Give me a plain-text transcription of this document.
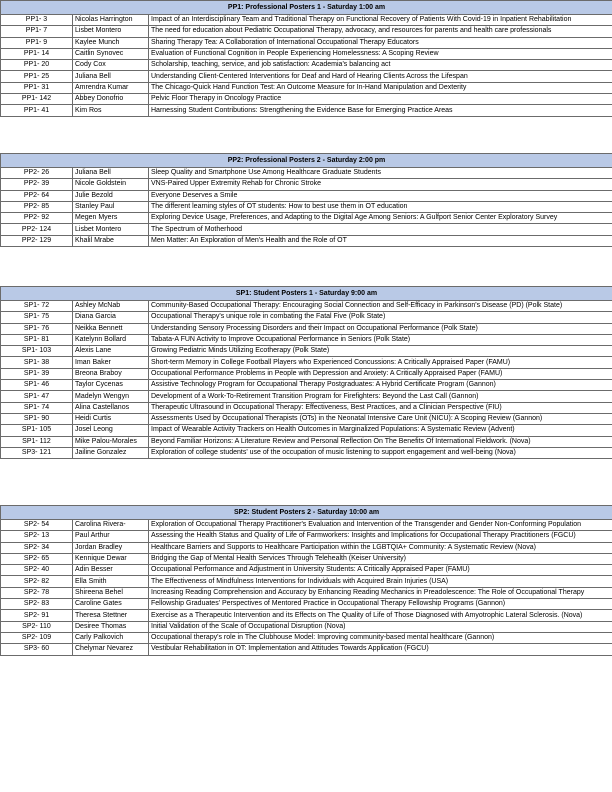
PP1: Professional Posters 1 - Saturday 1:00 am		
PP1- 3	Nicolas Harrington	Impact of an Interdisciplinary Team and Traditional Therapy on Functional Recovery of Patients With Covid-19 in Inpatient Rehabilitation
PP1- 7	Lisbet Montero	The need for education about Pediatric Occupational Therapy, advocacy, and resources for parents and health care professionals
PP1- 9	Kaylee Munch	Sharing Therapy Tea: A Collaboration of International Occupational Therapy Educators
PP1- 14	Caitlin Synovec	Evaluation of Functional Cognition in People Experiencing Homelessness: A Scoping Review
PP1- 20	Cody Cox	Scholarship, teaching, service, and job satisfaction: Academia's balancing act
PP1- 25	Juliana Bell	Understanding Client-Centered Interventions for Deaf and Hard of Hearing Clients Across the Lifespan
PP1- 31	Amrendra Kumar	The Chicago-Quick Hand Function Test: An Outcome Measure for In-Hand Manipulation and Dexterity
PP1- 142	Abbey Donofrio	Pelvic Floor Therapy in Oncology Practice
PP1- 41	Kim Ros	Harnessing Student Contributions: Strengthening the Evidence Base for Emerging Practice Areas
PP2: Professional Posters 2 - Saturday 2:00 pm		
PP2- 26	Juliana Bell	Sleep Quality and Smartphone Use Among Healthcare Graduate Students
PP2- 39	Nicole Goldstein	VNS-Paired Upper Extremity Rehab for Chronic Stroke
PP2- 64	Julie Bezold	Everyone Deserves a Smile
PP2- 85	Stanley Paul	The different learning styles of OT students: How to best use them in OT education
PP2- 92	Megen Myers	Exploring Device Usage, Preferences, and Adapting to the Digital Age Among Seniors: A Gulfport Senior Center Exploratory Survey
PP2- 124	Lisbet Montero	The Spectrum of Motherhood
PP2- 129	Khalil Mrabe	Men Matter: An Exploration of Men's Health and the Role of OT
SP1: Student Posters 1 - Saturday 9:00 am		
SP1- 72	Ashley McNab	Community-Based Occupational Therapy: Encouraging Social Connection and Self-Efficacy in Parkinson's Disease (PD) (Polk State)
SP1- 75	Diana Garcia	Occupational Therapy's unique role in combating the Fatal Five (Polk State)
SP1- 76	Neikka Bennett	Understanding Sensory Processing Disorders and their Impact on Occupational Performance (Polk State)
SP1- 81	Katelynn Bollard	Tabata-A FUN Activity to Improve Occupational Performance in Seniors (Polk State)
SP1- 103	Alexis Lane	Growing Pediatric Minds Utilizing Ecotherapy (Polk State)
SP1- 38	Iman Baker	Short-term Memory in College Football Players who Experienced Concussions: A Critically Appraised Paper (FAMU)
SP1- 39	Breona Braboy	Occupational Performance Problems in People with Depression and Anxiety: A Critically Appraised Paper (FAMU)
SP1- 46	Taylor Cycenas	Assistive Technology Program for Occupational Therapy Postgraduates: A Hybrid Certificate Program (Gannon)
SP1- 47	Madelyn Wengyn	Development of a Work-To-Retirement Transition Program for Firefighters: Beyond the Last Call (Gannon)
SP1- 74	Alina Castellanos	Therapeutic Ultrasound in Occupational Therapy: Effectiveness, Best Practices, and a Clinician Perspective (FIU)
SP1- 90	Heidi Curtis	Assessments Used by Occupational Therapists (OTs) in the Neonatal Intensive Care Unit (NICU): A Scoping Review (Gannon)
SP1- 105	Josel Leong	Impact of Wearable Activity Trackers on Health Outcomes in Marginalized Populations: A Systematic Review (Advent)
SP1- 112	Mike Palou-Morales	Beyond Familiar Horizons: A Literature Review and Personal Reflection On The Benefits Of International Fieldwork. (Nova)
SP3- 121	Jailine Gonzalez	Exploration of college students' use of the occupation of music listening to support engagement and well-being (Nova)
SP2: Student Posters 2 - Saturday 10:00 am		
SP2- 54	Carolina Rivera-	Exploration of Occupational Therapy Practitioner's Evaluation and Intervention of the Transgender and Gender Non-Conforming Population
SP2- 13	Paul Arthur	Assessing the Health Status and Quality of Life of Farmworkers: Insights and Implications for Occupational Therapy Practitioners (FGCU)
SP2- 34	Jordan Bradley	Healthcare Barriers and Supports to Healthcare Participation within the LGBTQIA+ Community: A Systematic Review (Nova)
SP2- 65	Kennique Dewar	Bridging the Gap of Mental Health Services Through Telehealth (Keiser University)
SP2- 40	Adin Besser	Occupational Performance and Adjustment in University Students: A Critically Appraised Paper (FAMU)
SP2- 82	Ella Smith	The Effectiveness of Mindfulness Interventions for Individuals with Acquired Brain Injuries (USA)
SP2- 78	Shireena Behel	Increasing Reading Comprehension and Accuracy by Enhancing Reading Mechanics in Preadolescence: The Role of Occupational Therapy
SP2- 83	Caroline Gates	Fellowship Graduates' Perspectives of Mentored Practice in Occupational Therapy Fellowship Programs (Gannon)
SP2- 91	Theresa Stettner	Exercise as a Therapeutic Intervention and its Effects on The Quality of Life of Those Diagnosed with Amyotrophic Lateral Sclerosis. (Nova)
SP2- 110	Desiree Thomas	Initial Validation of the Scale of Occupational Disruption (Nova)
SP2- 109	Carly Palkovich	Occupational therapy's role in The Clubhouse Model: Improving community-based mental healthcare (Gannon)
SP3- 60	Chelymar Nevarez	Vestibular Rehabilitation in OT: Implementation and Attitudes Towards Application (FGCU)
